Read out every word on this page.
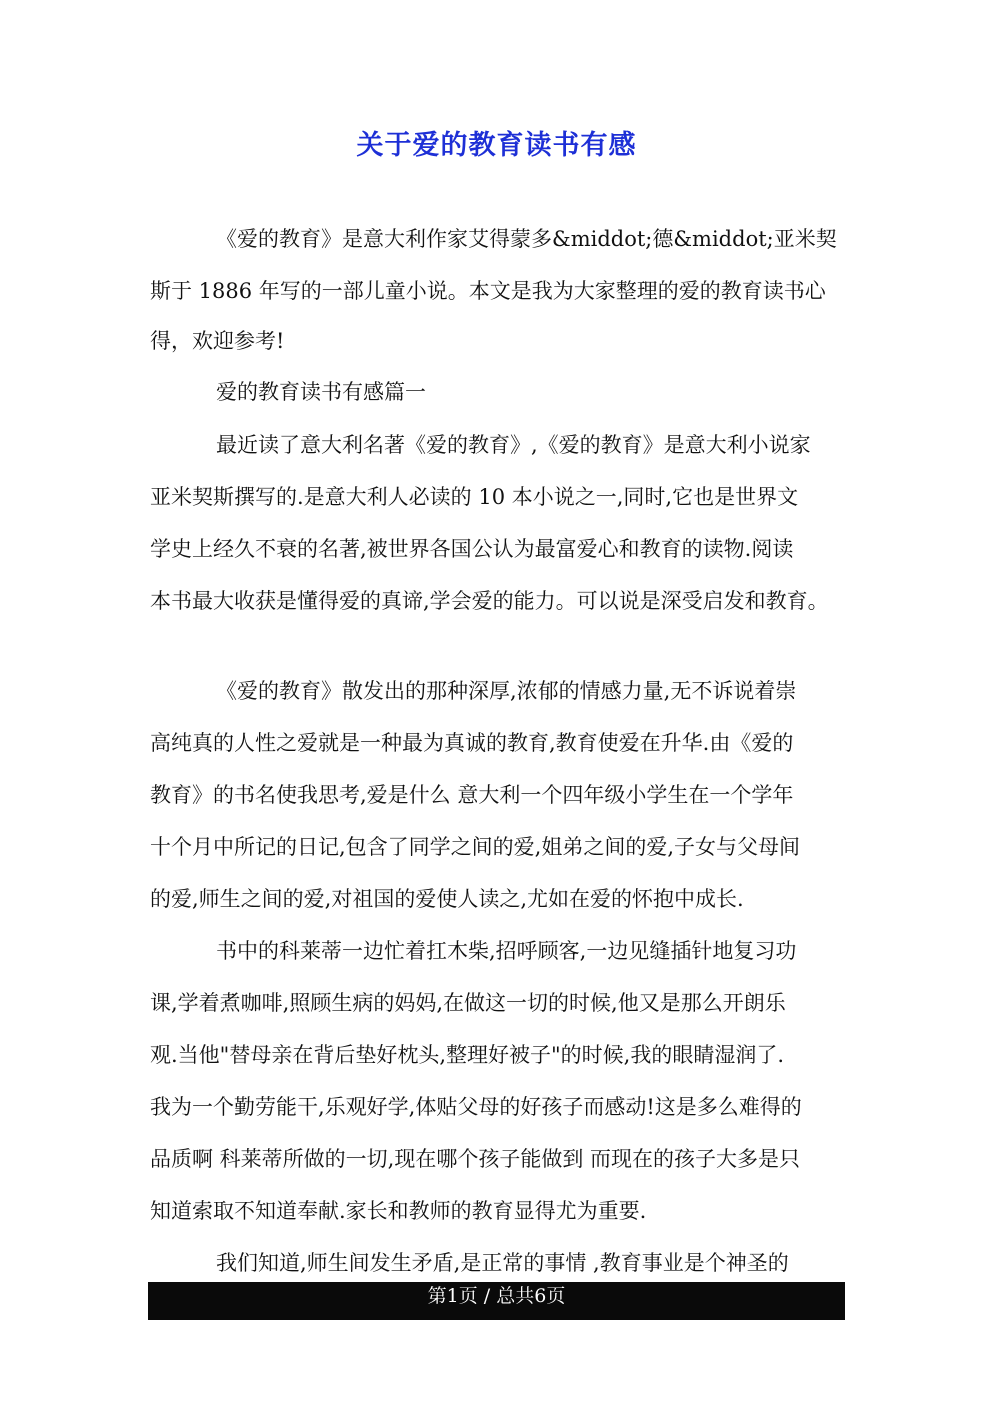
关于爱的教育读书有感
《爱的教育》是意大利作家艾得蒙多&middot;德&middot;亚米契
斯于 1886 年写的一部儿童小说。本文是我为大家整理的爱的教育读书心
得，欢迎参考!
爱的教育读书有感篇一
最近读了意大利名著《爱的教育》,《爱的教育》是意大利小说家
亚米契斯撰写的.是意大利人必读的 10 本小说之一,同时,它也是世界文
学史上经久不衰的名著,被世界各国公认为最富爱心和教育的读物.阅读
本书最大收获是懂得爱的真谛,学会爱的能力。可以说是深受启发和教育。
《爱的教育》散发出的那种深厚,浓郁的情感力量,无不诉说着崇
高纯真的人性之爱就是一种最为真诚的教育,教育使爱在升华.由《爱的
教育》的书名使我思考,爱是什么 意大利一个四年级小学生在一个学年
十个月中所记的日记,包含了同学之间的爱,姐弟之间的爱,子女与父母间
的爱,师生之间的爱,对祖国的爱使人读之,尤如在爱的怀抱中成长.
书中的科莱蒂一边忙着扛木柴,招呼顾客,一边见缝插针地复习功
课,学着煮咖啡,照顾生病的妈妈,在做这一切的时候,他又是那么开朗乐
观.当他"替母亲在背后垫好枕头,整理好被子"的时候,我的眼睛湿润了.
我为一个勤劳能干,乐观好学,体贴父母的好孩子而感动!这是多么难得的
品质啊 科莱蒂所做的一切,现在哪个孩子能做到 而现在的孩子大多是只
知道索取不知道奉献.家长和教师的教育显得尤为重要.
我们知道,师生间发生矛盾,是正常的事情 ,教育事业是个神圣的
第1页 / 总共6页
